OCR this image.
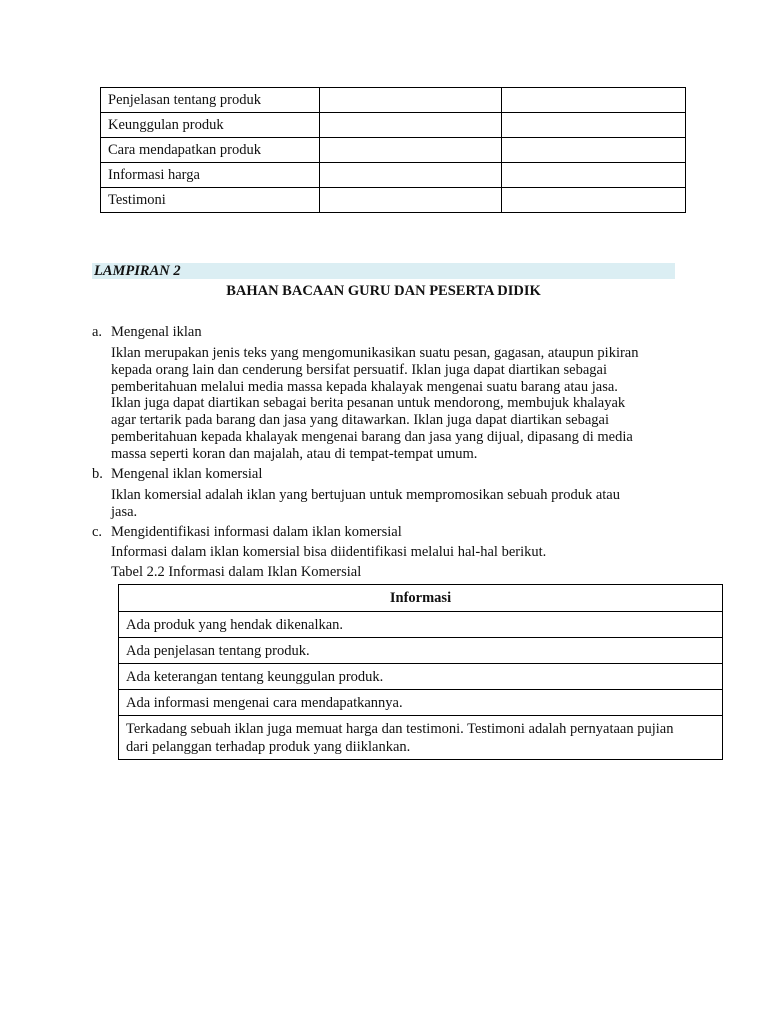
Penjelasan tentang produk		
Keunggulan produk		
Cara mendapatkan produk		
Informasi harga		
Testimoni		
LAMPIRAN 2
BAHAN BACAAN GURU DAN PESERTA DIDIK
a. Mengenal iklan
Iklan merupakan jenis teks yang mengomunikasikan suatu pesan, gagasan, ataupun pikiran
kepada orang lain dan cenderung bersifat persuatif. Iklan juga dapat diartikan sebagai
pemberitahuan melalui media massa kepada khalayak mengenai suatu barang atau jasa.
Iklan juga dapat diartikan sebagai berita pesanan untuk mendorong, membujuk khalayak
agar tertarik pada barang dan jasa yang ditawarkan. Iklan juga dapat diartikan sebagai
pemberitahuan kepada khalayak mengenai barang dan jasa yang dijual, dipasang di media
massa seperti koran dan majalah, atau di tempat-tempat umum.
b. Mengenal iklan komersial
Iklan komersial adalah iklan yang bertujuan untuk mempromosikan sebuah produk atau
jasa.
c. Mengidentifikasi informasi dalam iklan komersial
Informasi dalam iklan komersial bisa diidentifikasi melalui hal-hal berikut.
Tabel 2.2 Informasi dalam Iklan Komersial
Informasi
Ada produk yang hendak dikenalkan.
Ada penjelasan tentang produk.
Ada keterangan tentang keunggulan produk.
Ada informasi mengenai cara mendapatkannya.

Terkadang sebuah iklan juga memuat harga dan testimoni. Testimoni adalah pernyataan pujian
dari pelanggan terhadap produk yang diiklankan.
